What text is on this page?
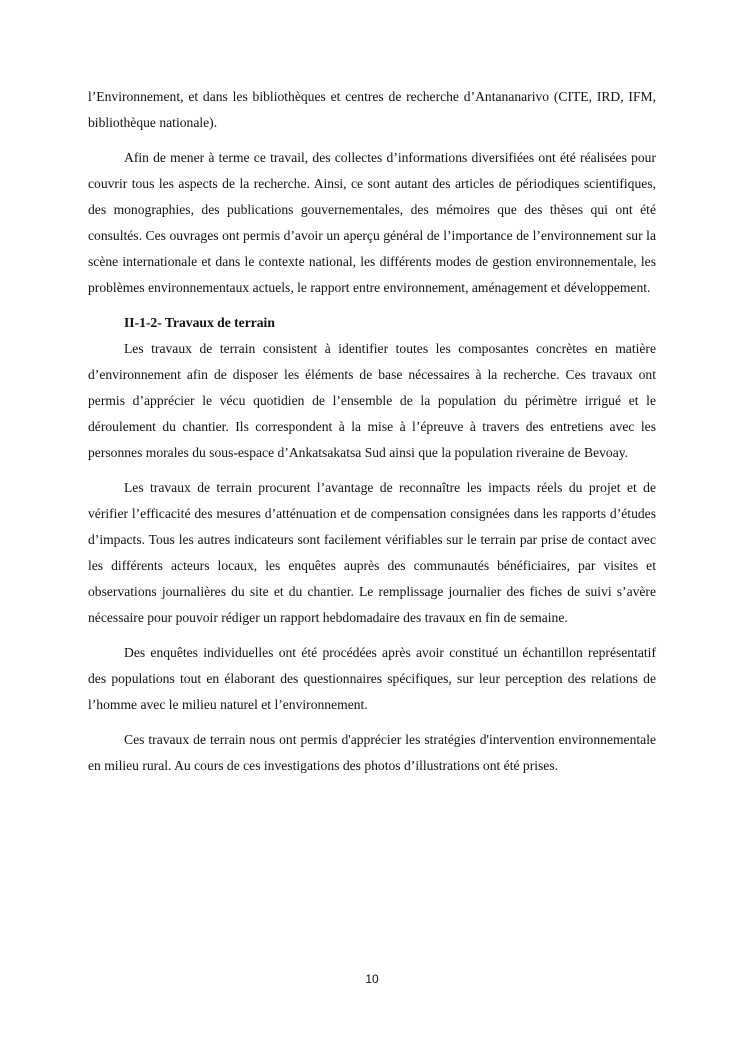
l’Environnement, et dans les bibliothèques et centres de recherche d’Antananarivo (CITE, IRD, IFM, bibliothèque nationale).

Afin de mener à terme ce travail, des collectes d’informations diversifiées ont été réalisées pour couvrir tous les aspects de la recherche. Ainsi, ce sont autant des articles de périodiques scientifiques, des monographies, des publications gouvernementales, des mémoires que des thèses qui ont été consultés. Ces ouvrages ont permis d’avoir un aperçu général de l’importance de l’environnement sur la scène internationale et dans le contexte national, les différents modes de gestion environnementale, les problèmes environnementaux actuels, le rapport entre environnement, aménagement et développement.

II-1-2- Travaux de terrain

Les travaux de terrain consistent à identifier toutes les composantes concrètes en matière d’environnement afin de disposer les éléments de base nécessaires à la recherche. Ces travaux ont permis d’apprécier le vécu quotidien de l’ensemble de la population du périmètre irrigué et le déroulement du chantier. Ils correspondent à la mise à l’épreuve à travers des entretiens avec les personnes morales du sous-espace d’Ankatsakatsa Sud ainsi que la population riveraine de Bevoay.

Les travaux de terrain procurent l’avantage de reconnaître les impacts réels du projet et de vérifier l’efficacité des mesures d’atténuation et de compensation consignées dans les rapports d’études d’impacts. Tous les autres indicateurs sont facilement vérifiables sur le terrain par prise de contact avec les différents acteurs locaux, les enquêtes auprès des communautés bénéficiaires, par visites et observations journalières du site et du chantier. Le remplissage journalier des fiches de suivi s’avère nécessaire pour pouvoir rédiger un rapport hebdomadaire des travaux en fin de semaine.

Des enquêtes individuelles ont été procédées après avoir constitué un échantillon représentatif des populations tout en élaborant des questionnaires spécifiques, sur leur perception des relations de l’homme avec le milieu naturel et l’environnement.

Ces travaux de terrain nous ont permis d'apprécier les stratégies d'intervention environnementale en milieu rural. Au cours de ces investigations des photos d’illustrations ont été prises.

10
